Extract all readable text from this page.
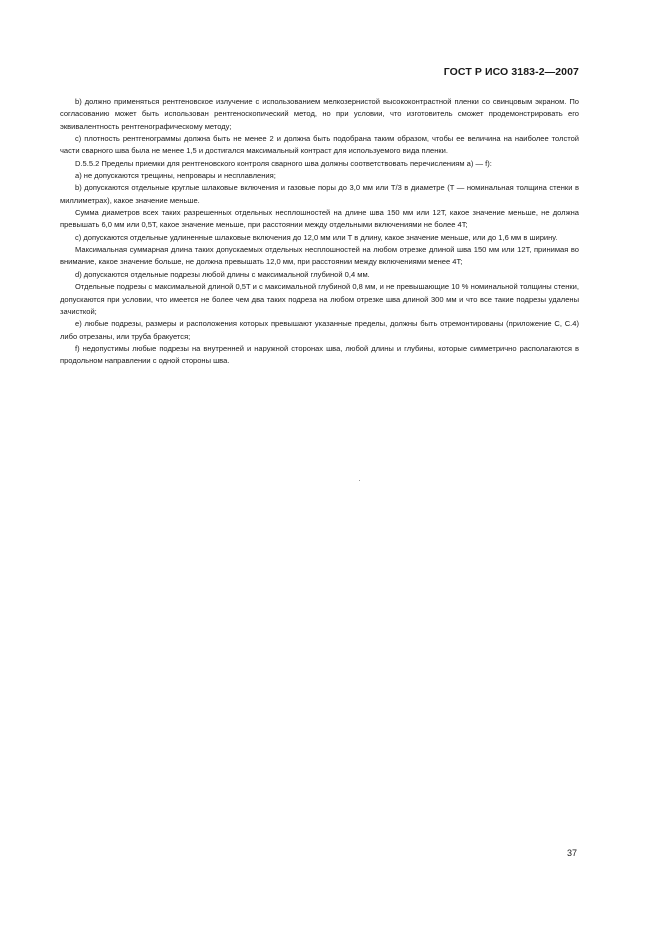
ГОСТ Р ИСО 3183-2—2007

b) должно применяться рентгеновское излучение с использованием мелкозернистой высококонтрастной пленки со свинцовым экраном. По согласованию может быть использован рентгеноскопический метод, но при условии, что изготовитель сможет продемонстрировать его эквивалентность рентгенографическому методу;

c) плотность рентгенограммы должна быть не менее 2 и должна быть подобрана таким образом, чтобы ее величина на наиболее толстой части сварного шва была не менее 1,5 и достигался максимальный контраст для используемого вида пленки.

D.5.5.2 Пределы приемки для рентгеновского контроля сварного шва должны соответствовать перечислениям а) — f):

a) не допускаются трещины, непровары и несплавления;

b) допускаются отдельные круглые шлаковые включения и газовые поры до 3,0 мм или T/3 в диаметре (T — номинальная толщина стенки в миллиметрах), какое значение меньше.

Сумма диаметров всех таких разрешенных отдельных несплошностей на длине шва 150 мм или 12T, какое значение меньше, не должна превышать 6,0 мм или 0,5T, какое значение меньше, при расстоянии между отдельными включениями не более 4T;

c) допускаются отдельные удлиненные шлаковые включения до 12,0 мм или T в длину, какое значение меньше, или до 1,6 мм в ширину.

Максимальная суммарная длина таких допускаемых отдельных несплошностей на любом отрезке длиной шва 150 мм или 12T, принимая во внимание, какое значение больше, не должна превышать 12,0 мм, при расстоянии между включениями менее 4T;

d) допускаются отдельные подрезы любой длины с максимальной глубиной 0,4 мм.

Отдельные подрезы с максимальной длиной 0,5T и с максимальной глубиной 0,8 мм, и не превышающие 10 % номинальной толщины стенки, допускаются при условии, что имеется не более чем два таких подреза на любом отрезке шва длиной 300 мм и что все такие подрезы удалены зачисткой;

e) любые подрезы, размеры и расположения которых превышают указанные пределы, должны быть отремонтированы (приложение C, C.4) либо отрезаны, или труба бракуется;

f) недопустимы любые подрезы на внутренней и наружной сторонах шва, любой длины и глубины, которые симметрично располагаются в продольном направлении с одной стороны шва.

37
